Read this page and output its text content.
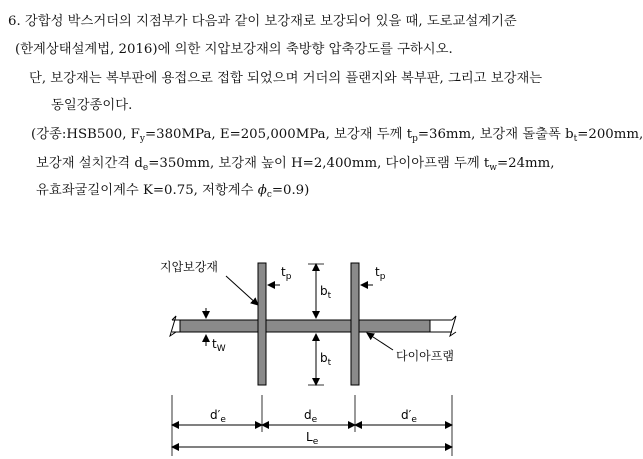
6. 강합성 박스거더의 지점부가 다음과 같이 보강재로 보강되어 있을 때, 도로교설계기준
(한계상태설계법, 2016)에 의한 지압보강재의 축방향 압축강도를 구하시오.
단, 보강재는 복부판에 용접으로 접합 되었으며 거더의 플랜지와 복부판, 그리고 보강재는
동일강종이다.
(강종:HSB500, $F_y=380MPa$, E=205,000MPa, 보강재 두께 $t_p=36mm$, 보강재 돌출폭 $b_t=200mm$,
보강재 설치간격 $d_e=350mm$, 보강재 높이 H=2,400mm, 다이아프램 두께 $t_w=24mm$,
유효좌굴길이계수 K=0.75, 저항계수 $\phi_c=0.9$)
지압보강재
다이아프램
$t_p$	$t_p$
$b_t$
$b_t$
$t_W$
$d'_e$	$d_e$	$d'_e$
$L_e$
